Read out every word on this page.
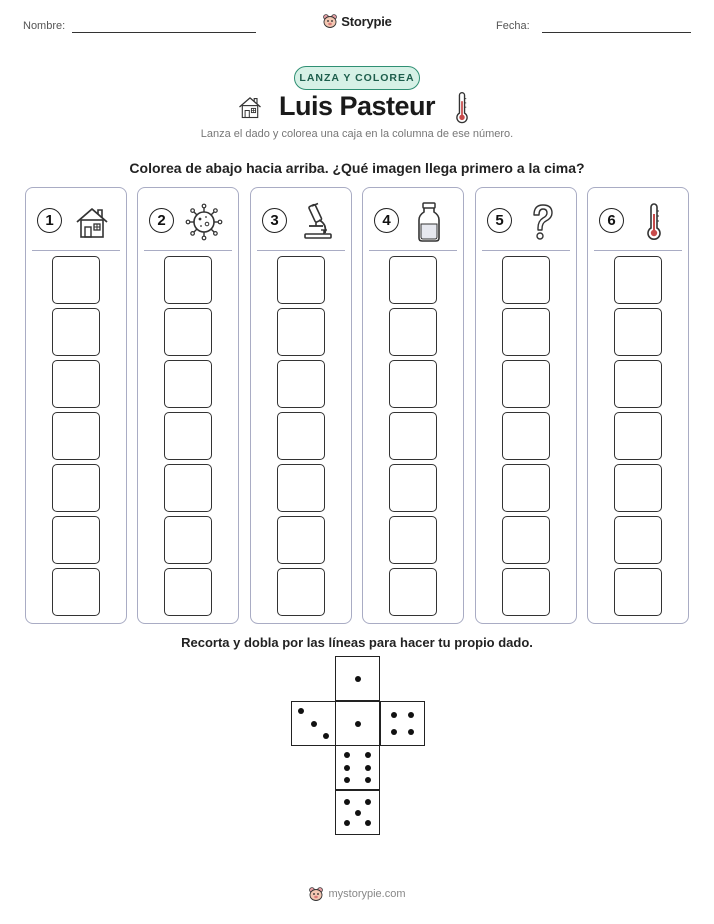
Nombre:	Storypie	Fecha:
LANZA Y COLOREA
Luis Pasteur
Lanza el dado y colorea una caja en la columna de ese número.
Colorea de abajo hacia arriba. ¿Qué imagen llega primero a la cima?
1	2	3	4	5	6
Recorta y dobla por las líneas para hacer tu propio dado.
mystorypie.com
